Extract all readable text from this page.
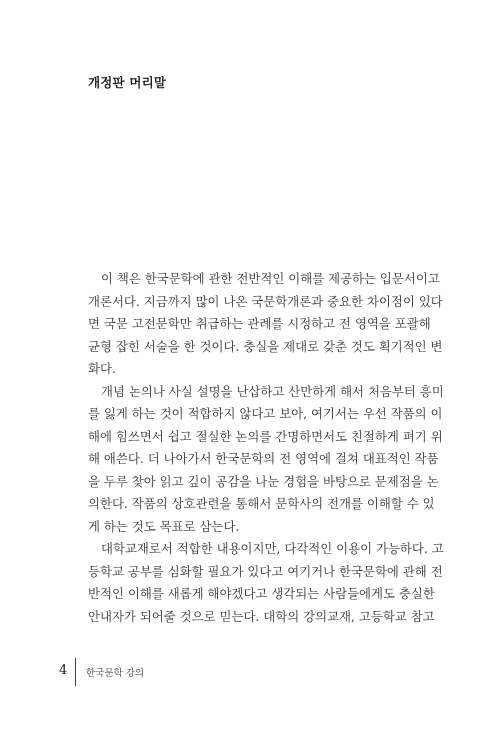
개정판 머리말
이 책은 한국문학에 관한 전반적인 이해를 제공하는 입문서이고
개론서다. 지금까지 많이 나온 국문학개론과 중요한 차이점이 있다
면 국문 고전문학만 취급하는 관례를 시정하고 전 영역을 포괄해
균형 잡힌 서술을 한 것이다. 충실을 제대로 갖춘 것도 획기적인 변
화다.
개념 논의나 사실 설명을 난삽하고 산만하게 해서 처음부터 흥미
를 잃게 하는 것이 적합하지 않다고 보아, 여기서는 우선 작품의 이
해에 힘쓰면서 쉽고 절실한 논의를 간명하면서도 친절하게 펴기 위
해 애쓴다. 더 나아가서 한국문학의 전 영역에 걸쳐 대표적인 작품
을 두루 찾아 읽고 깊이 공감을 나눈 경험을 바탕으로 문제점을 논
의한다. 작품의 상호관련을 통해서 문학사의 전개를 이해할 수 있
게 하는 것도 목표로 삼는다.
대학교재로서 적합한 내용이지만, 다각적인 이용이 가능하다. 고
등학교 공부를 심화할 필요가 있다고 여기거나 한국문학에 관해 전
반적인 이해를 새롭게 해야겠다고 생각되는 사람들에게도 충실한
안내자가 되어줄 것으로 믿는다. 대학의 강의교재, 고등학교 참고
4 한국문학 강의
